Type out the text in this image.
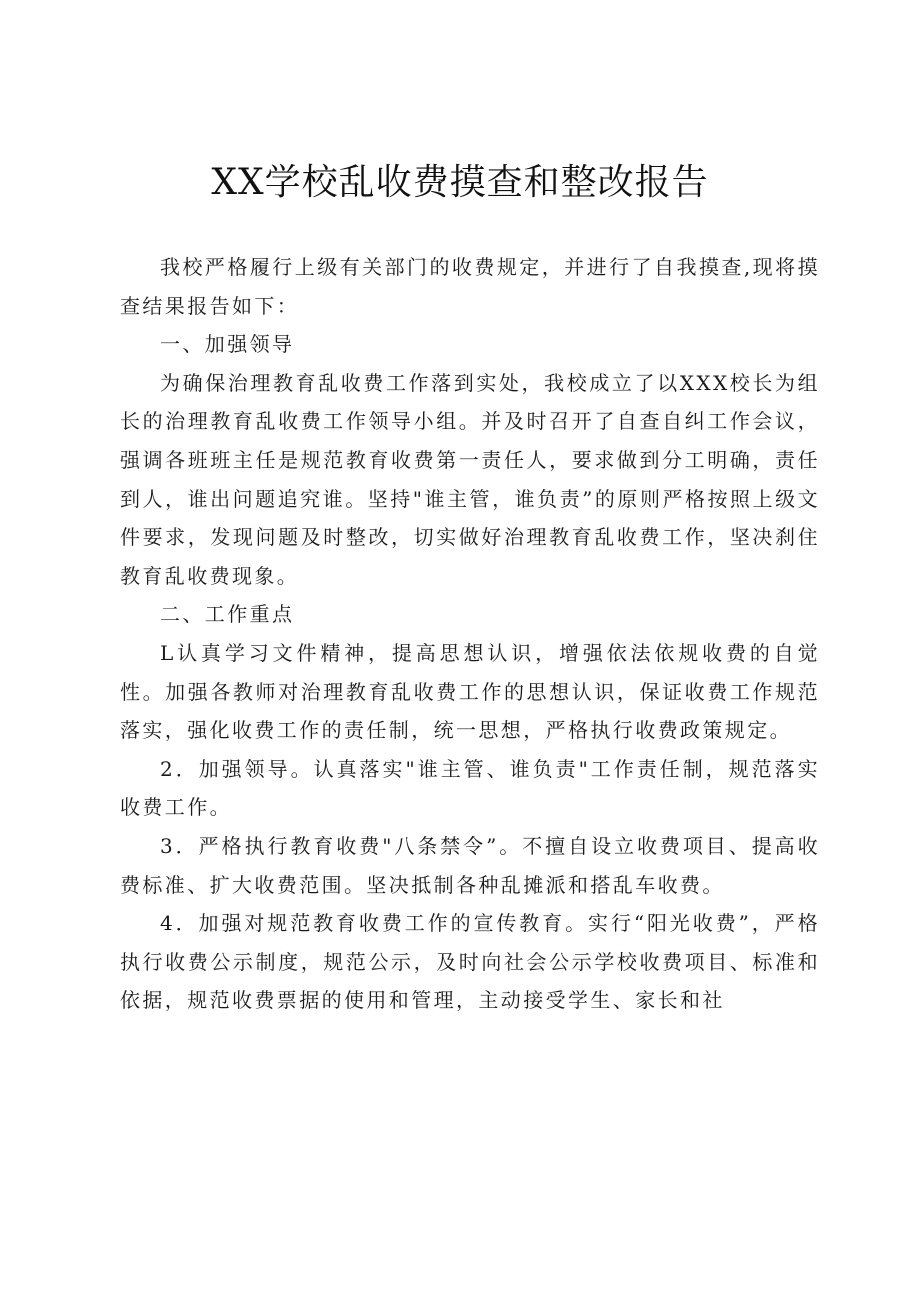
XX学校乱收费摸查和整改报告

我校严格履行上级有关部门的收费规定，并进行了自我摸查,现将摸查结果报告如下：

一、加强领导

为确保治理教育乱收费工作落到实处，我校成立了以XXX校长为组长的治理教育乱收费工作领导小组。并及时召开了自查自纠工作会议，强调各班班主任是规范教育收费第一责任人，要求做到分工明确，责任到人，谁出问题追究谁。坚持"谁主管，谁负责”的原则严格按照上级文件要求，发现问题及时整改，切实做好治理教育乱收费工作，坚决刹住教育乱收费现象。

二、工作重点

L认真学习文件精神，提高思想认识，增强依法依规收费的自觉性。加强各教师对治理教育乱收费工作的思想认识，保证收费工作规范落实，强化收费工作的责任制，统一思想，严格执行收费政策规定。

2．加强领导。认真落实"谁主管、谁负责"工作责任制，规范落实收费工作。

3．严格执行教育收费"八条禁令”。不擅自设立收费项目、提高收费标准、扩大收费范围。坚决抵制各种乱摊派和搭乱车收费。

4．加强对规范教育收费工作的宣传教育。实行“阳光收费”，严格执行收费公示制度，规范公示，及时向社会公示学校收费项目、标准和依据，规范收费票据的使用和管理，主动接受学生、家长和社
